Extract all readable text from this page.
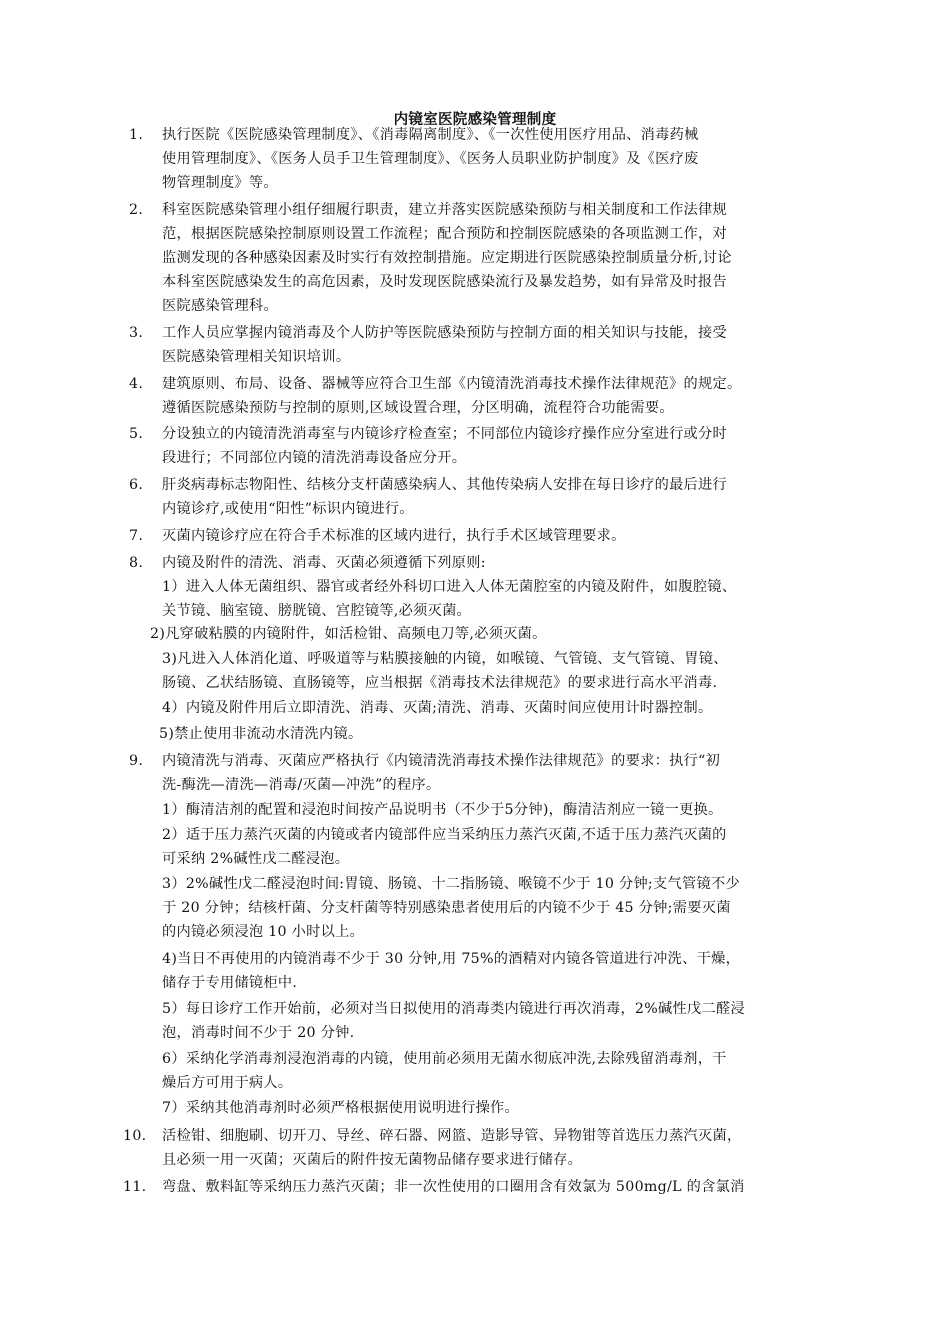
内镜室医院感染管理制度
1. 执行医院《医院感染管理制度》、《消毒隔离制度》、《一次性使用医疗用品、消毒药械
使用管理制度》、《医务人员手卫生管理制度》、《医务人员职业防护制度》及《医疗废
物管理制度》等。
2. 科室医院感染管理小组仔细履行职责，建立并落实医院感染预防与相关制度和工作法律规
范，根据医院感染控制原则设置工作流程；配合预防和控制医院感染的各项监测工作，对
监测发现的各种感染因素及时实行有效控制措施。应定期进行医院感染控制质量分析,讨论
本科室医院感染发生的高危因素，及时发现医院感染流行及暴发趋势，如有异常及时报告
医院感染管理科。
3. 工作人员应掌握内镜消毒及个人防护等医院感染预防与控制方面的相关知识与技能，接受
医院感染管理相关知识培训。
4. 建筑原则、布局、设备、器械等应符合卫生部《内镜清洗消毒技术操作法律规范》的规定。
遵循医院感染预防与控制的原则,区域设置合理，分区明确，流程符合功能需要。
5. 分设独立的内镜清洗消毒室与内镜诊疗检查室；不同部位内镜诊疗操作应分室进行或分时
段进行；不同部位内镜的清洗消毒设备应分开。
6. 肝炎病毒标志物阳性、结核分支杆菌感染病人、其他传染病人安排在每日诊疗的最后进行
内镜诊疗,或使用“阳性”标识内镜进行。
7. 灭菌内镜诊疗应在符合手术标准的区域内进行，执行手术区域管理要求。
8. 内镜及附件的清洗、消毒、灭菌必须遵循下列原则:
1）进入人体无菌组织、器官或者经外科切口进入人体无菌腔室的内镜及附件，如腹腔镜、
关节镜、脑室镜、膀胱镜、宫腔镜等,必须灭菌。
2)凡穿破粘膜的内镜附件，如活检钳、高频电刀等,必须灭菌。
3)凡进入人体消化道、呼吸道等与粘膜接触的内镜，如喉镜、气管镜、支气管镜、胃镜、
肠镜、乙状结肠镜、直肠镜等，应当根据《消毒技术法律规范》的要求进行高水平消毒.
4）内镜及附件用后立即清洗、消毒、灭菌;清洗、消毒、灭菌时间应使用计时器控制。
5)禁止使用非流动水清洗内镜。
9. 内镜清洗与消毒、灭菌应严格执行《内镜清洗消毒技术操作法律规范》的要求：执行“初
洗-酶洗—清洗—消毒/灭菌—冲洗”的程序。
1）酶清洁剂的配置和浸泡时间按产品说明书（不少于5分钟)，酶清洁剂应一镜一更换。
2）适于压力蒸汽灭菌的内镜或者内镜部件应当采纳压力蒸汽灭菌,不适于压力蒸汽灭菌的
可采纳 2%碱性戊二醛浸泡。
3）2%碱性戊二醛浸泡时间:胃镜、肠镜、十二指肠镜、喉镜不少于 10 分钟;支气管镜不少
于 20 分钟；结核杆菌、分支杆菌等特别感染患者使用后的内镜不少于 45 分钟;需要灭菌
的内镜必须浸泡 10 小时以上。
4)当日不再使用的内镜消毒不少于 30 分钟,用 75%的酒精对内镜各管道进行冲洗、干燥，
储存于专用储镜柜中.
5）每日诊疗工作开始前，必须对当日拟使用的消毒类内镜进行再次消毒，2%碱性戊二醛浸
泡，消毒时间不少于 20 分钟.
6）采纳化学消毒剂浸泡消毒的内镜，使用前必须用无菌水彻底冲洗,去除残留消毒剂，干
燥后方可用于病人。
7）采纳其他消毒剂时必须严格根据使用说明进行操作。
10. 活检钳、细胞刷、切开刀、导丝、碎石器、网篮、造影导管、异物钳等首选压力蒸汽灭菌，
且必须一用一灭菌；灭菌后的附件按无菌物品储存要求进行储存。
11. 弯盘、敷料缸等采纳压力蒸汽灭菌；非一次性使用的口圈用含有效氯为 500mg/L 的含氯消
